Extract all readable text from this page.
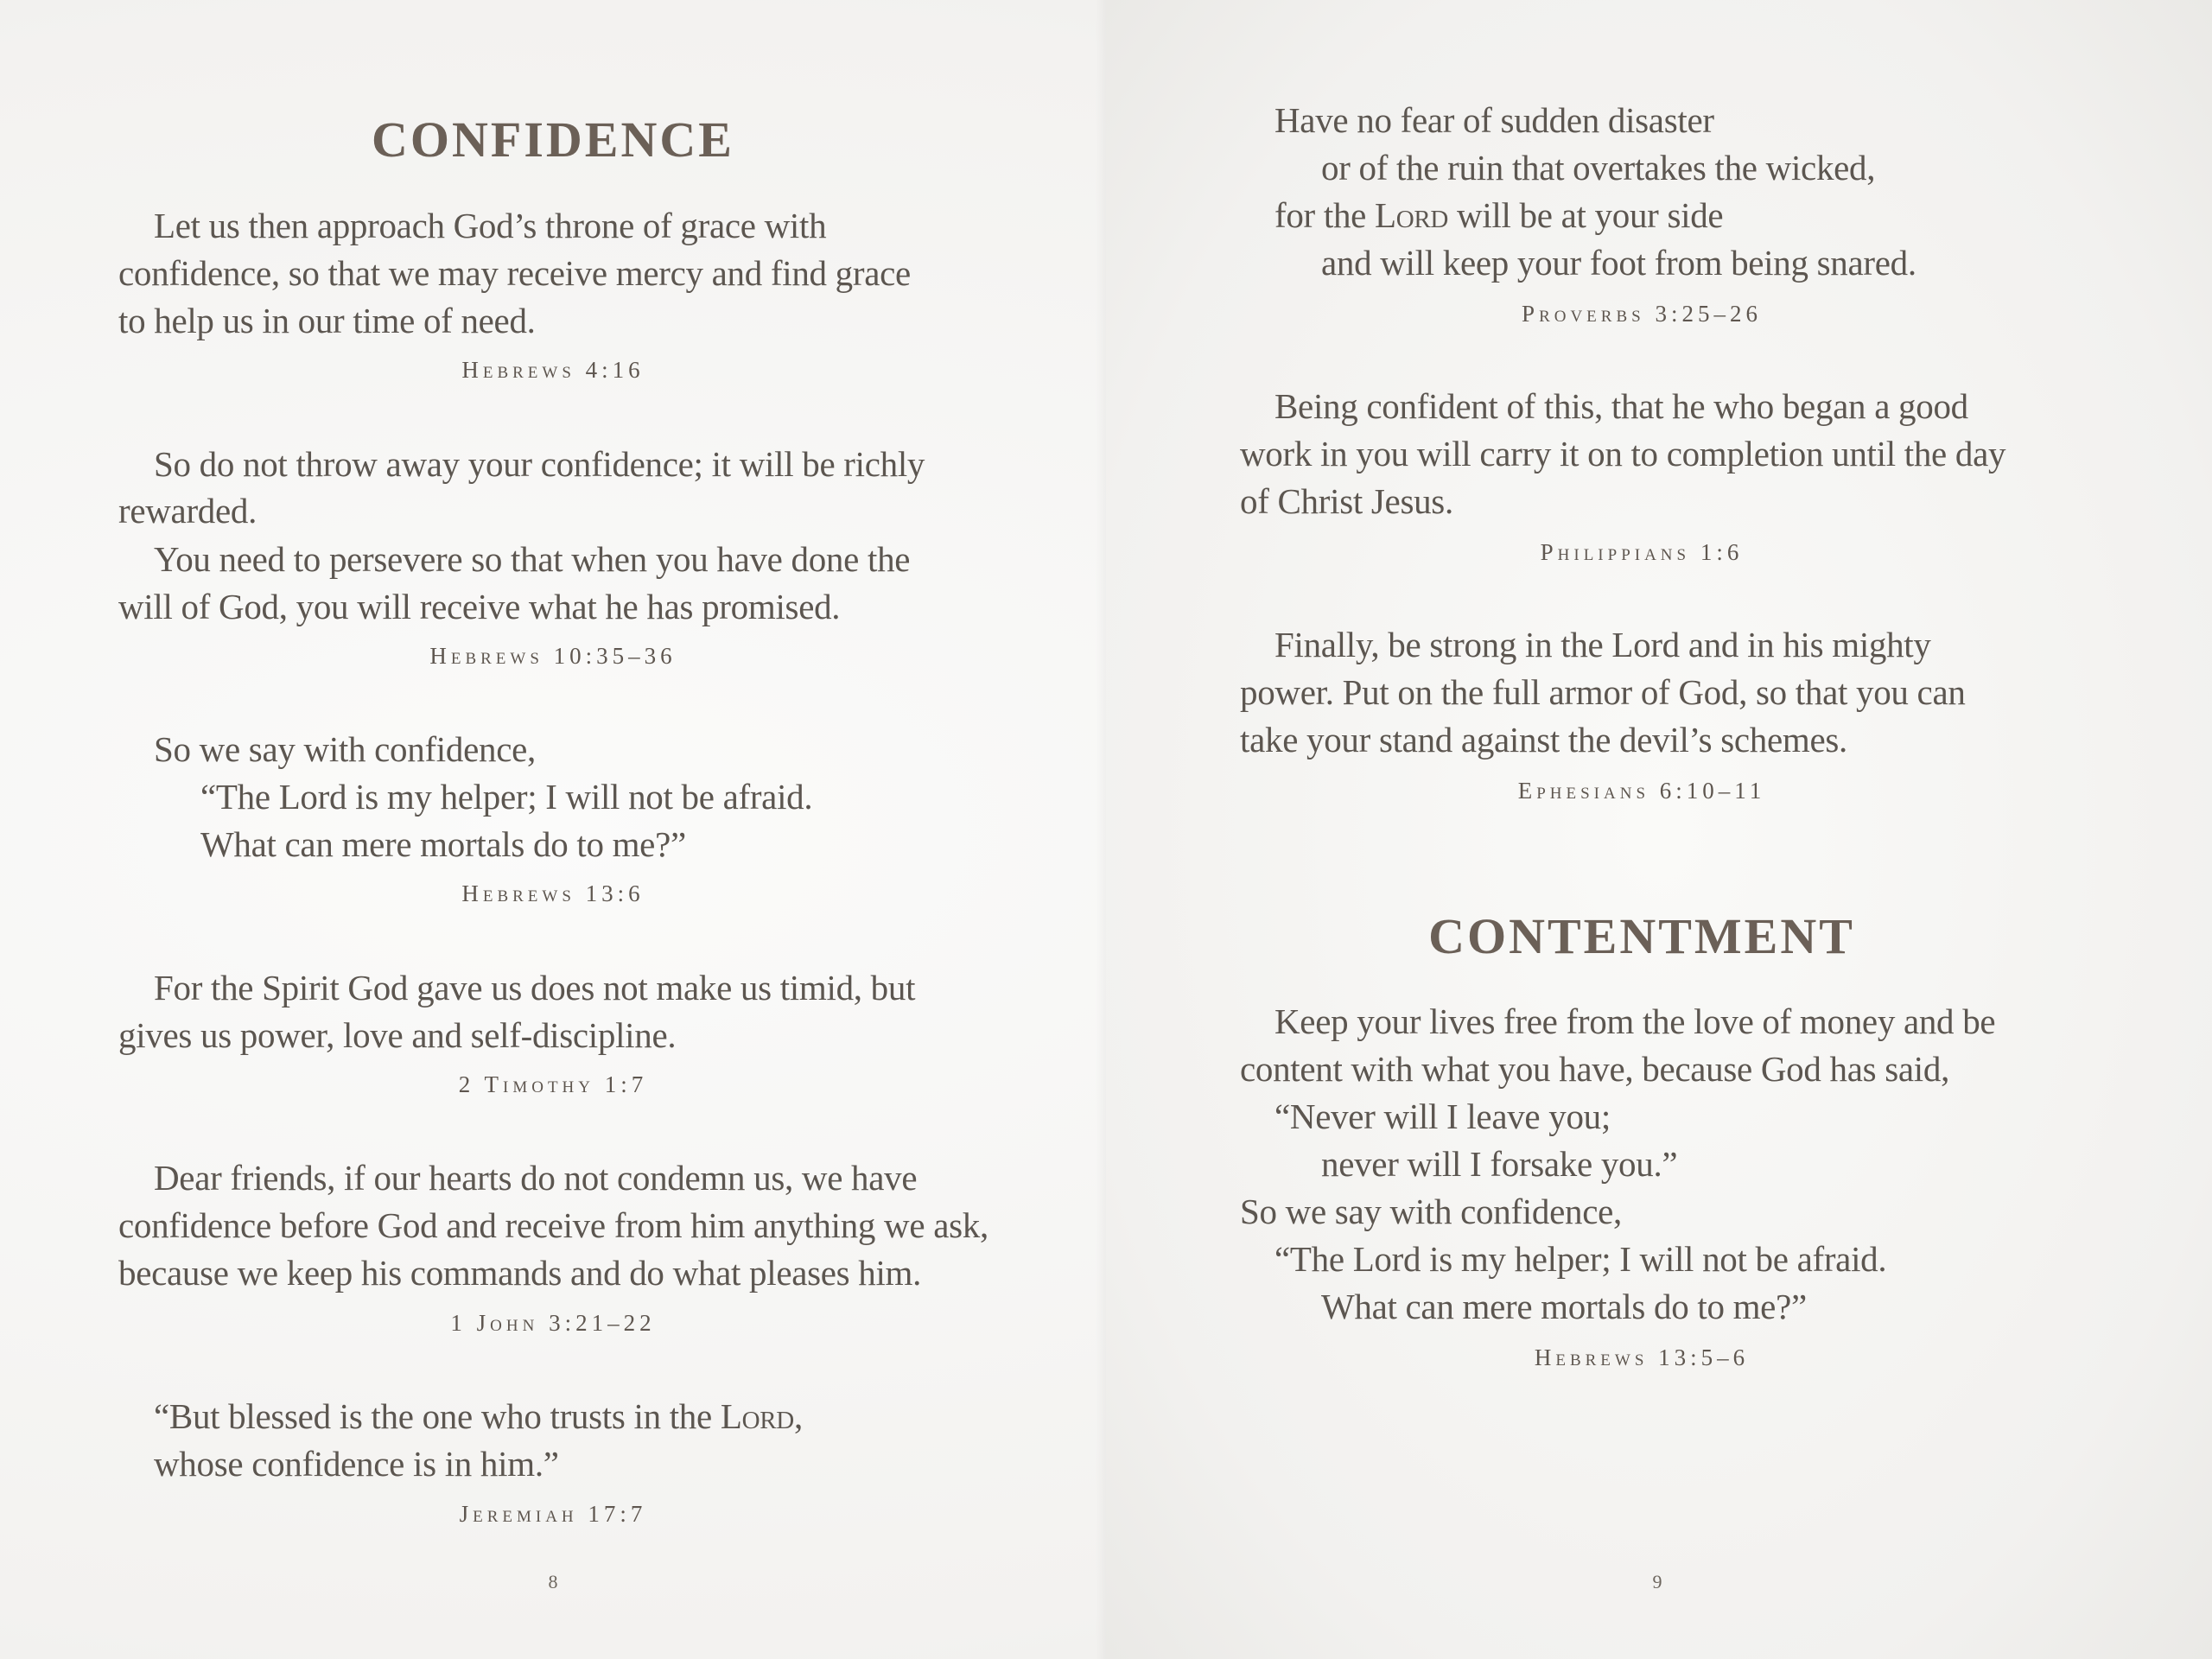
CONFIDENCE
Let us then approach God’s throne of grace with
confidence, so that we may receive mercy and find grace
to help us in our time of need.
Hebrews 4:16
So do not throw away your confidence; it will be richly
rewarded.
You need to persevere so that when you have done the
will of God, you will receive what he has promised.
Hebrews 10:35–36
So we say with confidence,
“The Lord is my helper; I will not be afraid.
What can mere mortals do to me?”
Hebrews 13:6
For the Spirit God gave us does not make us timid, but
gives us power, love and self-discipline.
2 Timothy 1:7
Dear friends, if our hearts do not condemn us, we have
confidence before God and receive from him anything we ask,
because we keep his commands and do what pleases him.
1 John 3:21–22
“But blessed is the one who trusts in the Lord,
whose confidence is in him.”
Jeremiah 17:7
8
Have no fear of sudden disaster
or of the ruin that overtakes the wicked,
for the Lord will be at your side
and will keep your foot from being snared.
Proverbs 3:25–26
Being confident of this, that he who began a good
work in you will carry it on to completion until the day
of Christ Jesus.
Philippians 1:6
Finally, be strong in the Lord and in his mighty
power. Put on the full armor of God, so that you can
take your stand against the devil’s schemes.
Ephesians 6:10–11
CONTENTMENT
Keep your lives free from the love of money and be
content with what you have, because God has said,
“Never will I leave you;
never will I forsake you.”
So we say with confidence,
“The Lord is my helper; I will not be afraid.
What can mere mortals do to me?”
Hebrews 13:5–6
9
